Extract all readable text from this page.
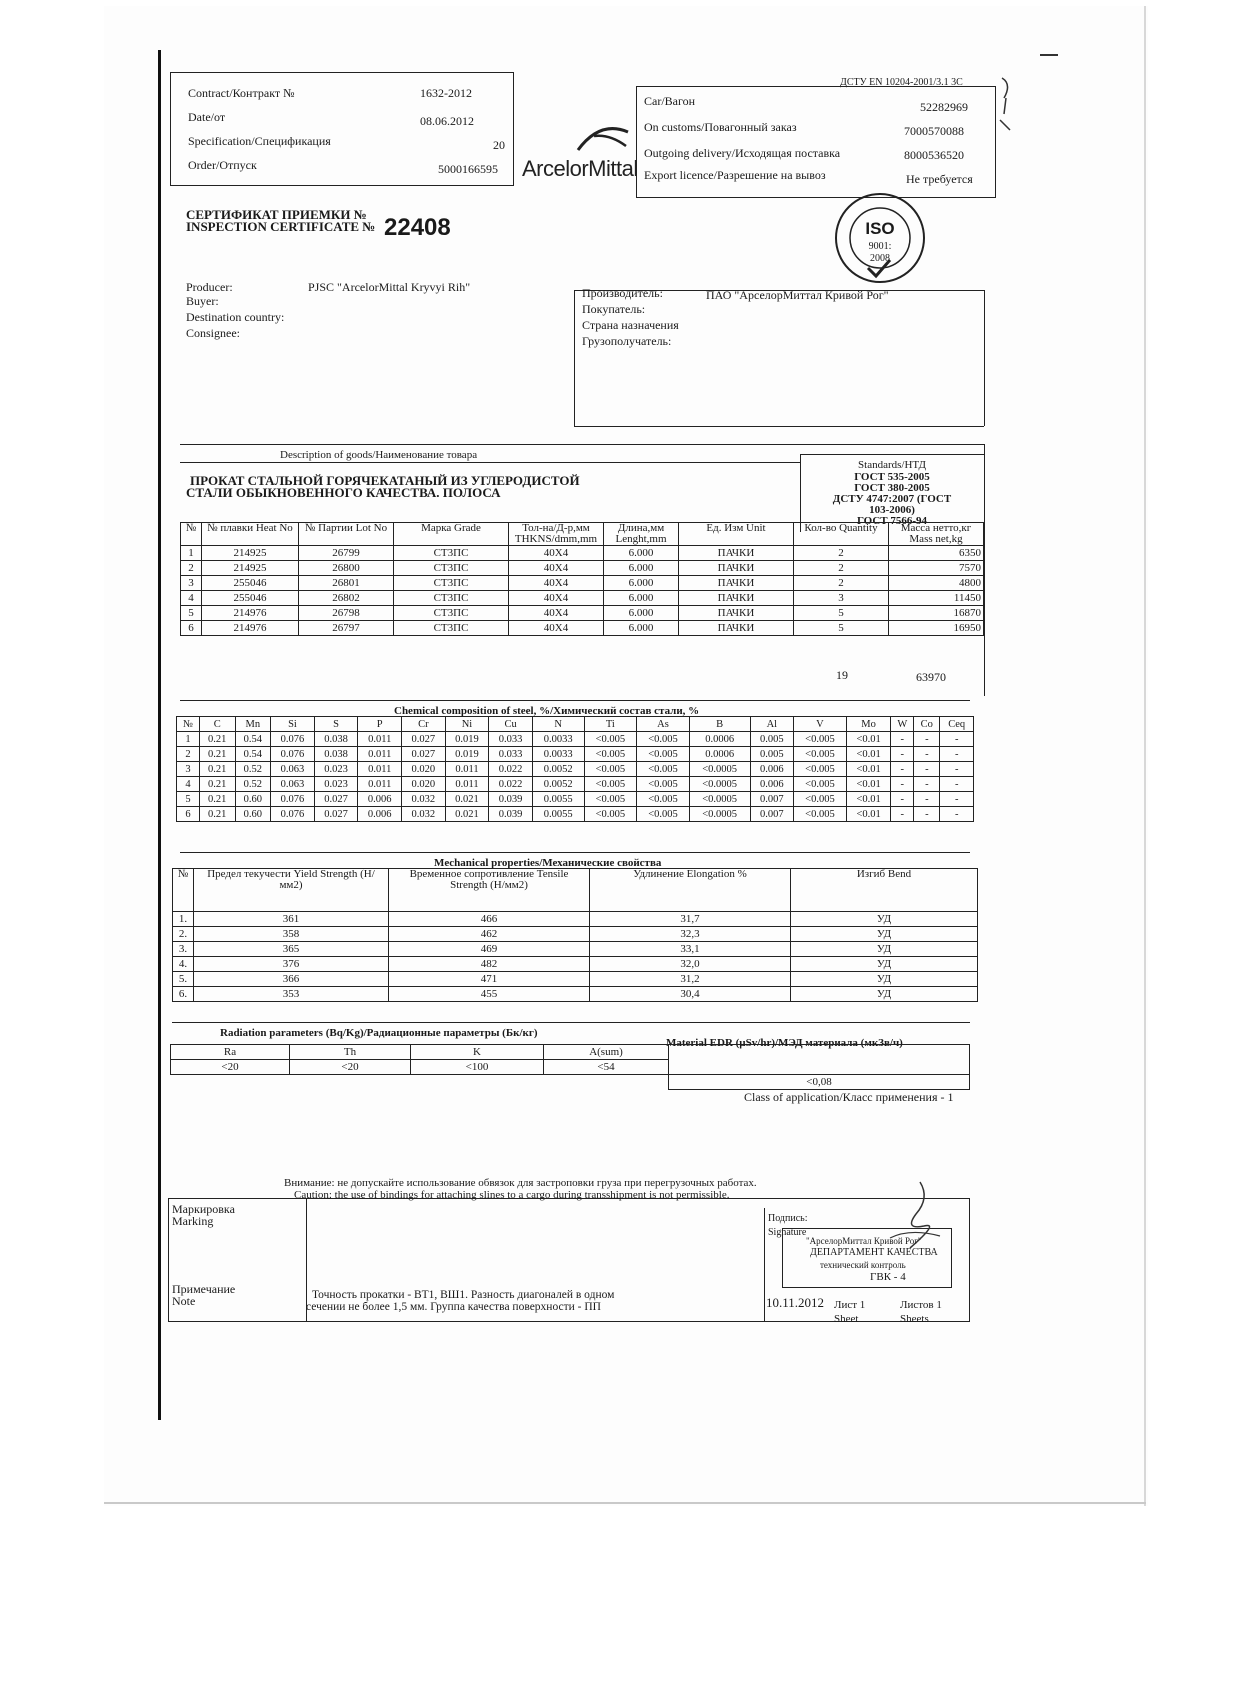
Contract/Контракт №	1632-2012
Date/от	08.06.2012
Specification/Спецификация	20
Order/Отпуск	5000166595 ArcelorMittal
ДСТУ EN 10204-2001/3.1 3С
Car/Вагон	52282969
On customs/Повагонный заказ	7000570088
Outgoing delivery/Исходящая поставка	8000536520
Export licence/Разрешение на вывоз	Не требуется
СЕРТИФИКАТ ПРИЕМКИ №
INSPECTION CERTIFICATE № 22408	ISO
9001:
2008
Producer:	PJSC "ArcelorMittal Kryvyi Rih"
Buyer:
Destination country:
Consignee:
Производитель:	ПАО "АрселорМиттал Кривой Рог"
Покупатель:
Страна назначения
Грузополучатель:
Description of goods/Наименование товара
ПРОКАТ СТАЛЬНОЙ ГОРЯЧЕКАТАНЫЙ ИЗ УГЛЕРОДИСТОЙ
СТАЛИ ОБЫКНОВЕННОГО КАЧЕСТВА. ПОЛОСА
Standards/НТД
ГОСТ 535-2005
ГОСТ 380-2005
ДСТУ 4747:2007 (ГОСТ
103-2006)
ГОСТ 7566-94
№	№ плавки Heat No	№ Партии Lot No	Марка Grade	Тол-на/Д-р,мм THKNS/dmm,mm	Длина,мм Lenght,mm	Ед. Изм Unit	Кол-во Quantity	Масса нетто,кг Mass net,kg
1	214925	26799	СТ3ПС	40Х4	6.000	ПАЧКИ	2	6350
2	214925	26800	СТ3ПС	40Х4	6.000	ПАЧКИ	2	7570
3	255046	26801	СТ3ПС	40Х4	6.000	ПАЧКИ	2	4800
4	255046	26802	СТ3ПС	40Х4	6.000	ПАЧКИ	3	11450
5	214976	26798	СТ3ПС	40Х4	6.000	ПАЧКИ	5	16870
6	214976	26797	СТ3ПС	40Х4	6.000	ПАЧКИ	5	16950
19	63970
Chemical composition of steel, %/Химический состав стали, %
№	C	Mn	Si	S	P	Cr	Ni	Cu	N	Ti	As	B	Al	V	Mo	W	Co	Ceq
1	0.21	0.54	0.076	0.038	0.011	0.027	0.019	0.033	0.0033	<0.005	<0.005	0.0006	0.005	<0.005	<0.01	-	-	-
2	0.21	0.54	0.076	0.038	0.011	0.027	0.019	0.033	0.0033	<0.005	<0.005	0.0006	0.005	<0.005	<0.01	-	-	-
3	0.21	0.52	0.063	0.023	0.011	0.020	0.011	0.022	0.0052	<0.005	<0.005	<0.0005	0.006	<0.005	<0.01	-	-	-
4	0.21	0.52	0.063	0.023	0.011	0.020	0.011	0.022	0.0052	<0.005	<0.005	<0.0005	0.006	<0.005	<0.01	-	-	-
5	0.21	0.60	0.076	0.027	0.006	0.032	0.021	0.039	0.0055	<0.005	<0.005	<0.0005	0.007	<0.005	<0.01	-	-	-
6	0.21	0.60	0.076	0.027	0.006	0.032	0.021	0.039	0.0055	<0.005	<0.005	<0.0005	0.007	<0.005	<0.01	-	-	-
Mechanical properties/Механические свойства
№	Предел текучести Yield Strength (Н/мм2)	Временное сопротивление Tensile Strength (Н/мм2)	Удлинение Elongation %	Изгиб Bend
1.	361	466	31,7	УД
2.	358	462	32,3	УД
3.	365	469	33,1	УД
4.	376	482	32,0	УД
5.	366	471	31,2	УД
6.	353	455	30,4	УД
Radiation parameters (Bq/Kg)/Радиационные параметры (Бк/кг)
Material EDR (µSv/hr)/МЭД материала (мкЗв/ч)
Ra	Th	K	A(sum)	
<20	<20	<100	<54	
				<0,08
Class of application/Класс применения - 1
Внимание: не допускайте использование обвязок для застроповки груза при перегрузочных работах.
Caution: the use of bindings for attaching slines to a cargo during transshipment is not permissible.
Маркировка
Marking
Примечание
Note	Точность прокатки - ВТ1, ВШ1. Разность диагоналей в одном
сечении не более 1,5 мм. Группа качества поверхности - ПП
Подпись: Signature
"АрселорМиттал Кривой Рог"
ДЕПАРТАМЕНТ КАЧЕСТВА
технический контроль
ГВК - 4
10.11.2012 Лист 1 Sheet
Листов 1 Sheets
